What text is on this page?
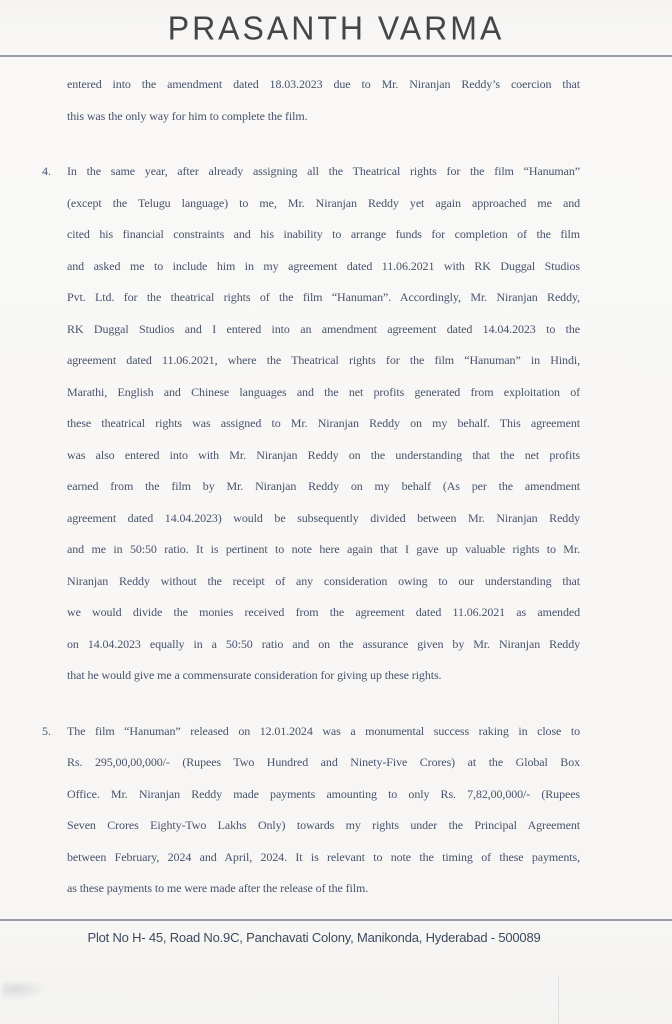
PRASANTH VARMA
entered into the amendment dated 18.03.2023 due to Mr. Niranjan Reddy’s coercion that
this was the only way for him to complete the film.
4.	In the same year, after already assigning all the Theatrical rights for the film “Hanuman”
(except the Telugu language) to me, Mr. Niranjan Reddy yet again approached me and
cited his financial constraints and his inability to arrange funds for completion of the film
and asked me to include him in my agreement dated 11.06.2021 with RK Duggal Studios
Pvt. Ltd. for the theatrical rights of the film “Hanuman”. Accordingly, Mr. Niranjan Reddy,
RK Duggal Studios and I entered into an amendment agreement dated 14.04.2023 to the
agreement dated 11.06.2021, where the Theatrical rights for the film “Hanuman” in Hindi,
Marathi, English and Chinese languages and the net profits generated from exploitation of
these theatrical rights was assigned to Mr. Niranjan Reddy on my behalf. This agreement
was also entered into with Mr. Niranjan Reddy on the understanding that the net profits
earned from the film by Mr. Niranjan Reddy on my behalf (As per the amendment
agreement dated 14.04.2023) would be subsequently divided between Mr. Niranjan Reddy
and me in 50:50 ratio. It is pertinent to note here again that I gave up valuable rights to Mr.
Niranjan Reddy without the receipt of any consideration owing to our understanding that
we would divide the monies received from the agreement dated 11.06.2021 as amended
on 14.04.2023 equally in a 50:50 ratio and on the assurance given by Mr. Niranjan Reddy
that he would give me a commensurate consideration for giving up these rights.
5.	The film “Hanuman” released on 12.01.2024 was a monumental success raking in close to
Rs. 295,00,00,000/- (Rupees Two Hundred and Ninety-Five Crores) at the Global Box
Office. Mr. Niranjan Reddy made payments amounting to only Rs. 7,82,00,000/- (Rupees
Seven Crores Eighty-Two Lakhs Only) towards my rights under the Principal Agreement
between February, 2024 and April, 2024. It is relevant to note the timing of these payments,
as these payments to me were made after the release of the film.
Plot No H- 45, Road No.9C, Panchavati Colony, Manikonda, Hyderabad - 500089
